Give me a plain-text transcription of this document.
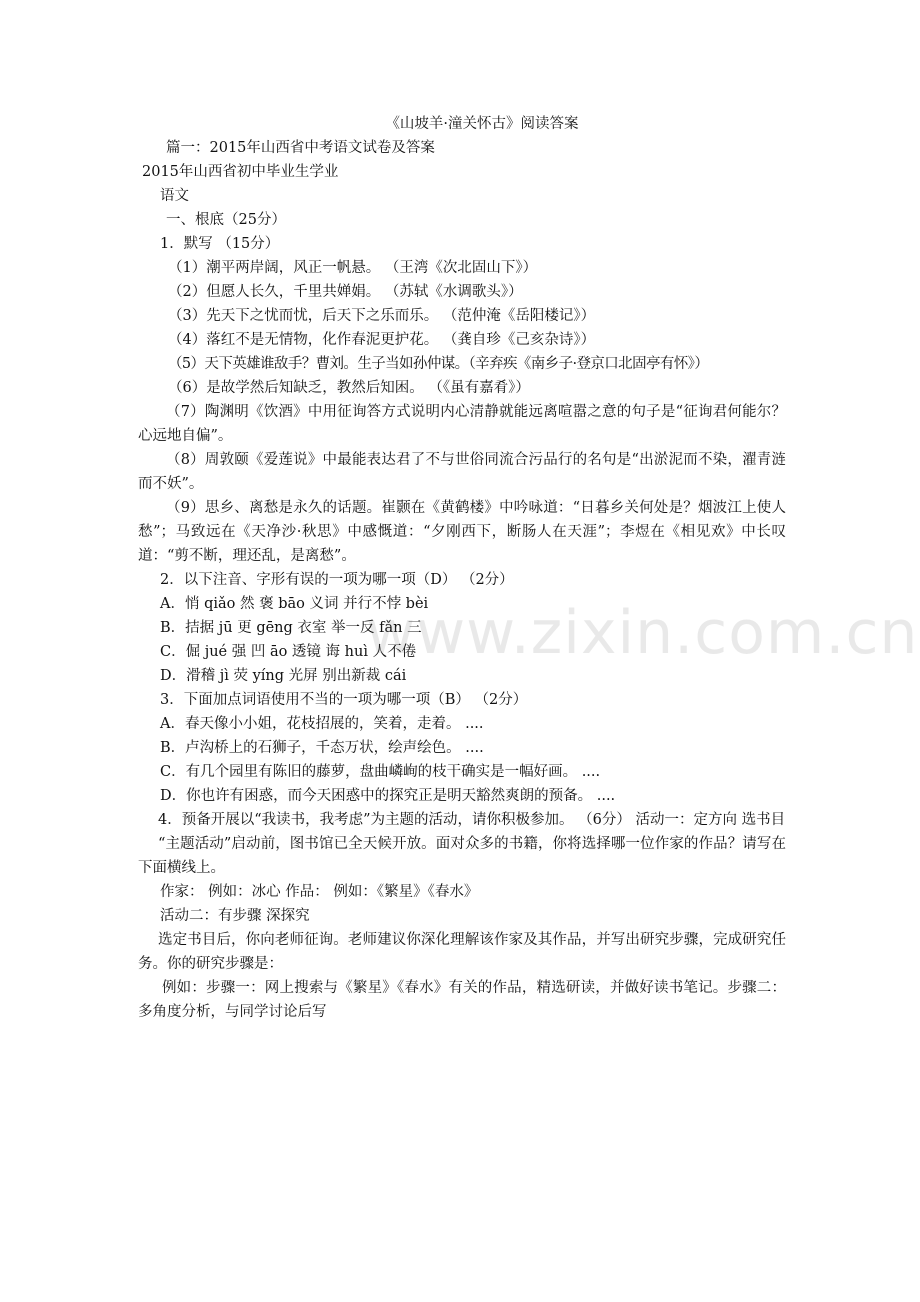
《山坡羊·潼关怀古》阅读答案
篇一：2015年山西省中考语文试卷及答案
2015年山西省初中毕业生学业
语文
一、根底（25分）
1．默写 （15分）
（1）潮平两岸阔，风正一帆悬。 （王湾《次北固山下》）
（2）但愿人长久，千里共婵娟。 （苏轼《水调歌头》）
（3）先天下之忧而忧，后天下之乐而乐。 （范仲淹《岳阳楼记》）
（4）落红不是无情物，化作春泥更护花。 （龚自珍《己亥杂诗》）
（5）天下英雄谁敌手？曹刘。生子当如孙仲谋。（辛弃疾《南乡子·登京口北固亭有怀》）
（6）是故学然后知缺乏，教然后知困。 （《虽有嘉肴》）
（7）陶渊明《饮酒》中用征询答方式说明内心清静就能远离喧嚣之意的句子是“征询君何能尔？心远地自偏”。
（8）周敦颐《爱莲说》中最能表达君了不与世俗同流合污品行的名句是“出淤泥而不染，濯青涟而不妖”。
（9）思乡、离愁是永久的话题。崔颢在《黄鹤楼》中吟咏道：“日暮乡关何处是？烟波江上使人愁”；马致远在《天净沙·秋思》中感慨道：“夕刚西下，断肠人在天涯”；李煜在《相见欢》中长叹道：“剪不断，理还乱，是离愁”。
2．以下注音、字形有误的一项为哪一项（D） （2分）
A．悄 qiǎo 然 褒 bāo 义词 并行不悖 bèi
B．拮据 jū 更 gēng 衣室 举一反 fǎn 三
C．倔 jué 强 凹 āo 透镜 诲 huì 人不倦
D．滑稽 jì 荧 yíng 光屏 别出新裁 cái
3．下面加点词语使用不当的一项为哪一项（B） （2分）
A．春天像小小姐，花枝招展的，笑着，走着。 ....
B．卢沟桥上的石狮子，千态万状，绘声绘色。 ....
C．有几个园里有陈旧的藤萝，盘曲嶙峋的枝干确实是一幅好画。 ....
D．你也许有困惑，而今天困惑中的探究正是明天豁然爽朗的预备。 ....
4．预备开展以“我读书，我考虑”为主题的活动，请你积极参加。 （6分） 活动一：定方向 选书目
“主题活动”启动前，图书馆已全天候开放。面对众多的书籍，你将选择哪一位作家的作品？请写在下面横线上。
作家： 例如：冰心 作品： 例如：《繁星》《春水》
活动二：有步骤 深探究
选定书目后，你向老师征询。老师建议你深化理解该作家及其作品，并写出研究步骤，完成研究任务。你的研究步骤是：
例如：步骤一：网上搜索与《繁星》《春水》有关的作品，精选研读，并做好读书笔记。步骤二：多角度分析，与同学讨论后写
www.zixin.com.cn
